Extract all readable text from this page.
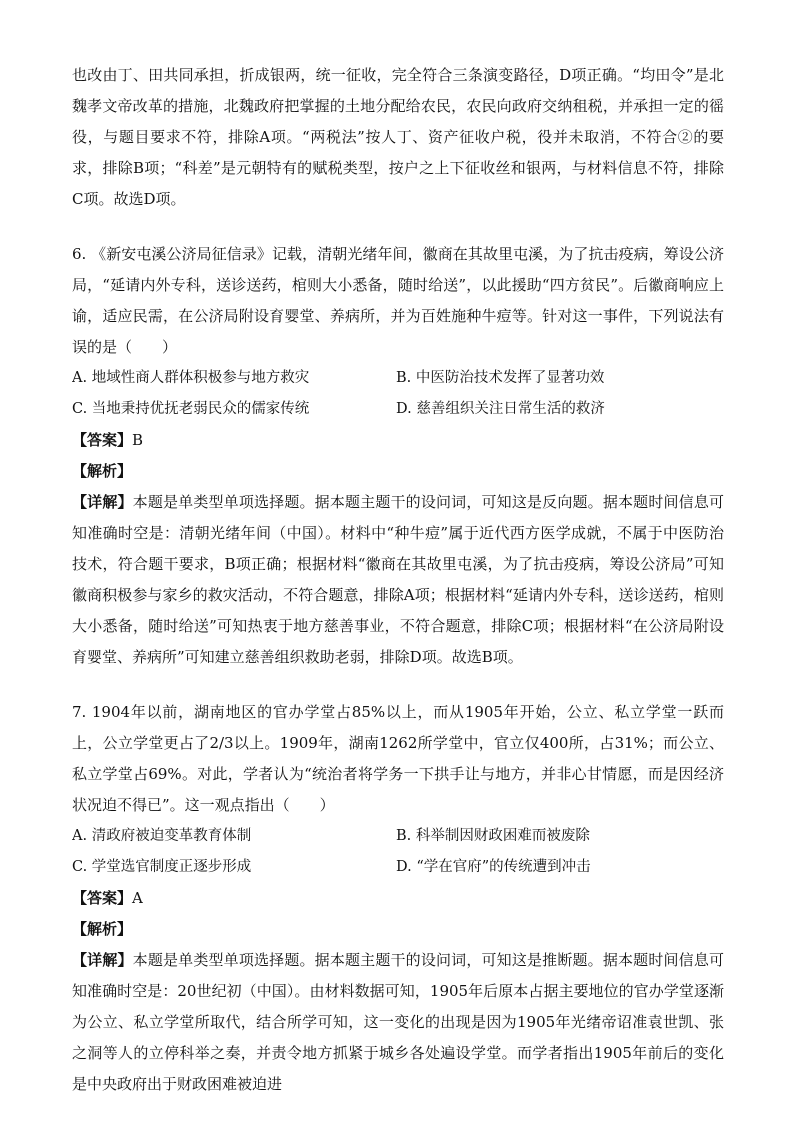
也改由丁、田共同承担，折成银两，统一征收，完全符合三条演变路径，D项正确。“均田令”是北魏孝文帝改革的措施，北魏政府把掌握的土地分配给农民，农民向政府交纳租税，并承担一定的徭役，与题目要求不符，排除A项。“两税法”按人丁、资产征收户税，役并未取消，不符合②的要求，排除B项；“科差”是元朝特有的赋税类型，按户之上下征收丝和银两，与材料信息不符，排除C项。故选D项。

6. 《新安屯溪公济局征信录》记载，清朝光绪年间，徽商在其故里屯溪，为了抗击疫病，筹设公济局，“延请内外专科，送诊送药，棺则大小悉备，随时给送”，以此援助“四方贫民”。后徽商响应上谕，适应民需，在公济局附设育婴堂、养病所，并为百姓施种牛痘等。针对这一事件，下列说法有误的是（　　）

A. 地域性商人群体积极参与地方救灾	B. 中医防治技术发挥了显著功效
C. 当地秉持优抚老弱民众的儒家传统	D. 慈善组织关注日常生活的救济
【答案】B
【解析】

【详解】本题是单类型单项选择题。据本题主题干的设问词，可知这是反向题。据本题时间信息可知准确时空是：清朝光绪年间（中国）。材料中“种牛痘”属于近代西方医学成就，不属于中医防治技术，符合题干要求，B项正确；根据材料“徽商在其故里屯溪，为了抗击疫病，筹设公济局”可知徽商积极参与家乡的救灾活动，不符合题意，排除A项；根据材料“延请内外专科，送诊送药，棺则大小悉备，随时给送”可知热衷于地方慈善事业，不符合题意，排除C项；根据材料“在公济局附设育婴堂、养病所”可知建立慈善组织救助老弱，排除D项。故选B项。

7. 1904年以前，湖南地区的官办学堂占85%以上，而从1905年开始，公立、私立学堂一跃而上，公立学堂更占了2/3以上。1909年，湖南1262所学堂中，官立仅400所，占31%；而公立、私立学堂占69%。对此，学者认为“统治者将学务一下拱手让与地方，并非心甘情愿，而是因经济状况迫不得已”。这一观点指出（　　）

A. 清政府被迫变革教育体制	B. 科举制因财政困难而被废除
C. 学堂选官制度正逐步形成	D. “学在官府”的传统遭到冲击
【答案】A
【解析】

【详解】本题是单类型单项选择题。据本题主题干的设问词，可知这是推断题。据本题时间信息可知准确时空是：20世纪初（中国）。由材料数据可知，1905年后原本占据主要地位的官办学堂逐渐为公立、私立学堂所取代，结合所学可知，这一变化的出现是因为1905年光绪帝诏准袁世凯、张之洞等人的立停科举之奏，并责令地方抓紧于城乡各处遍设学堂。而学者指出1905年前后的变化是中央政府出于财政困难被迫进
